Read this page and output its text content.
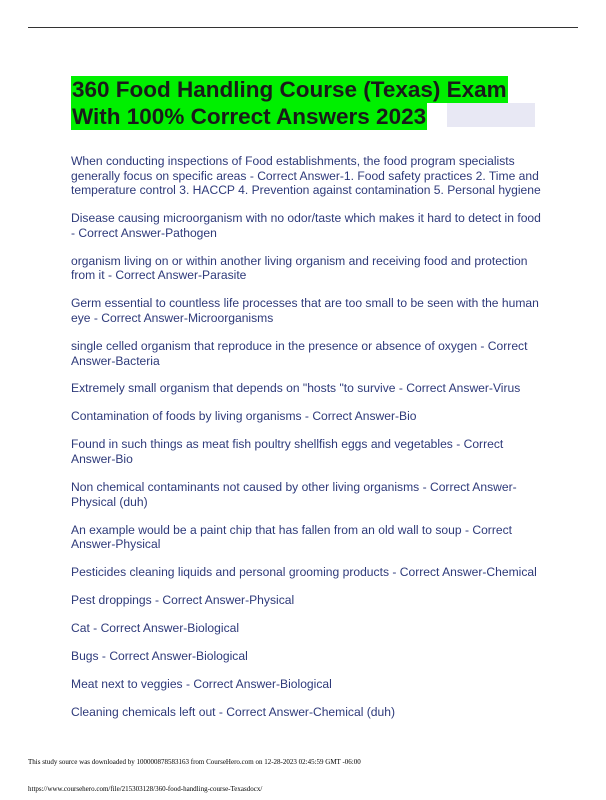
360 Food Handling Course (Texas) Exam
With 100% Correct Answers 2023
When conducting inspections of Food establishments, the food program specialists generally focus on specific areas - Correct Answer-1. Food safety practices 2. Time and temperature control 3. HACCP 4. Prevention against contamination 5. Personal hygiene
Disease causing microorganism with no odor/taste which makes it hard to detect in food - Correct Answer-Pathogen
organism living on or within another living organism and receiving food and protection from it - Correct Answer-Parasite
Germ essential to countless life processes that are too small to be seen with the human eye - Correct Answer-Microorganisms
single celled organism that reproduce in the presence or absence of oxygen - Correct Answer-Bacteria
Extremely small organism that depends on "hosts "to survive - Correct Answer-Virus
Contamination of foods by living organisms - Correct Answer-Bio
Found in such things as meat fish poultry shellfish eggs and vegetables - Correct Answer-Bio
Non chemical contaminants not caused by other living organisms - Correct Answer-Physical (duh)
An example would be a paint chip that has fallen from an old wall to soup - Correct Answer-Physical
Pesticides cleaning liquids and personal grooming products - Correct Answer-Chemical
Pest droppings - Correct Answer-Physical
Cat - Correct Answer-Biological
Bugs - Correct Answer-Biological
Meat next to veggies - Correct Answer-Biological
Cleaning chemicals left out - Correct Answer-Chemical (duh)
This study source was downloaded by 100000878583163 from CourseHero.com on 12-28-2023 02:45:59 GMT -06:00
https://www.coursehero.com/file/215303128/360-food-handling-course-Texasdocx/
